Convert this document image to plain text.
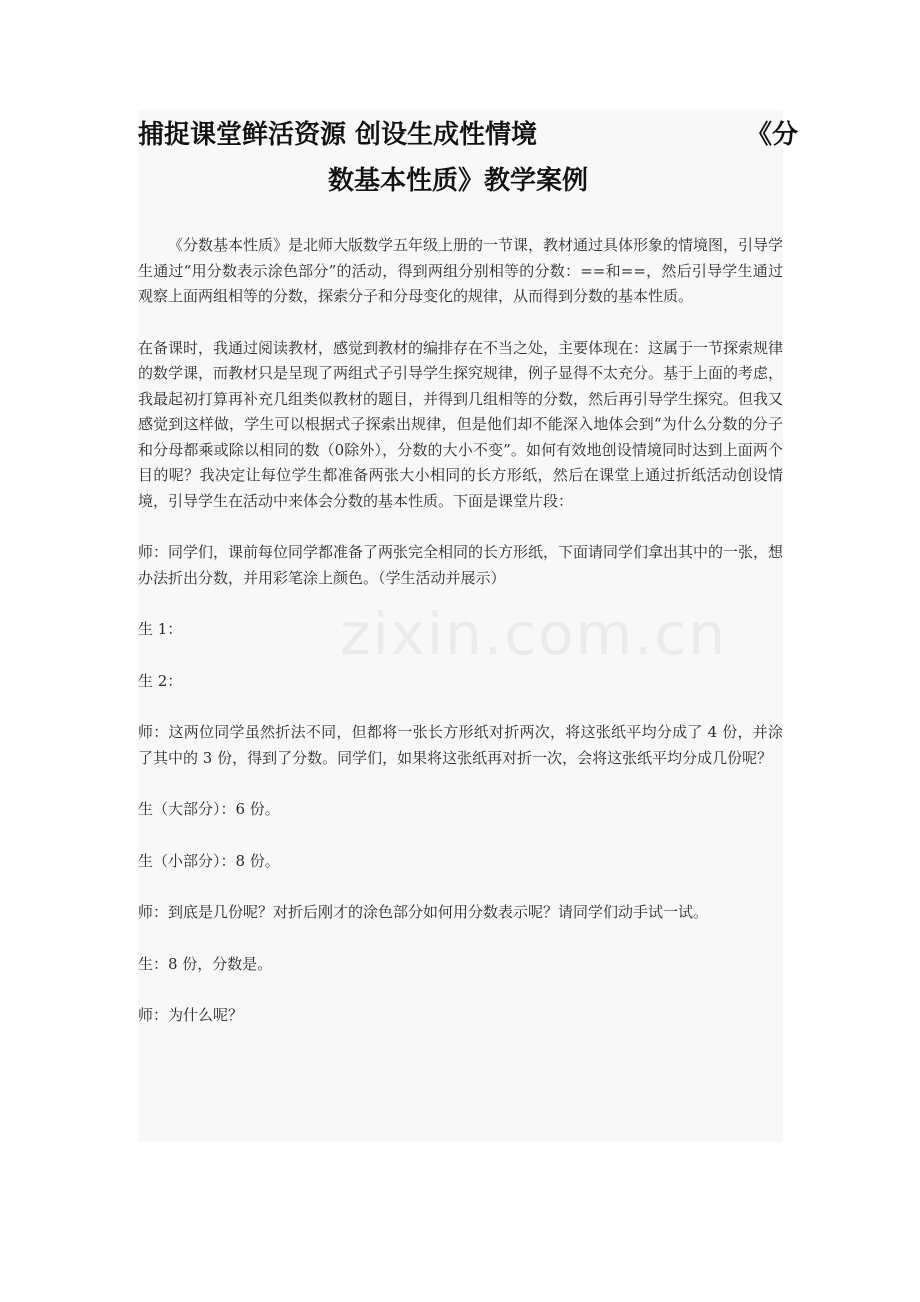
捕捉课堂鲜活资源 创设生成性情境	《分
数基本性质》教学案例

《分数基本性质》是北师大版数学五年级上册的一节课，教材通过具体形象的情境图，引导学生通过“用分数表示涂色部分”的活动，得到两组分别相等的分数：==和==，然后引导学生通过观察上面两组相等的分数，探索分子和分母变化的规律，从而得到分数的基本性质。

在备课时，我通过阅读教材，感觉到教材的编排存在不当之处，主要体现在：这属于一节探索规律的数学课，而教材只是呈现了两组式子引导学生探究规律，例子显得不太充分。基于上面的考虑，我最起初打算再补充几组类似教材的题目，并得到几组相等的分数，然后再引导学生探究。但我又感觉到这样做，学生可以根据式子探索出规律，但是他们却不能深入地体会到“为什么分数的分子和分母都乘或除以相同的数（0除外），分数的大小不变”。如何有效地创设情境同时达到上面两个目的呢？我决定让每位学生都准备两张大小相同的长方形纸，然后在课堂上通过折纸活动创设情境，引导学生在活动中来体会分数的基本性质。下面是课堂片段：

师：同学们，课前每位同学都准备了两张完全相同的长方形纸，下面请同学们拿出其中的一张，想办法折出分数，并用彩笔涂上颜色。（学生活动并展示）

生 1：

生 2：

师：这两位同学虽然折法不同，但都将一张长方形纸对折两次，将这张纸平均分成了 4 份，并涂了其中的 3 份，得到了分数。同学们，如果将这张纸再对折一次，会将这张纸平均分成几份呢？

生（大部分）：6 份。

生（小部分）：8 份。

师：到底是几份呢？对折后刚才的涂色部分如何用分数表示呢？请同学们动手试一试。

生：8 份，分数是。

师：为什么呢？
